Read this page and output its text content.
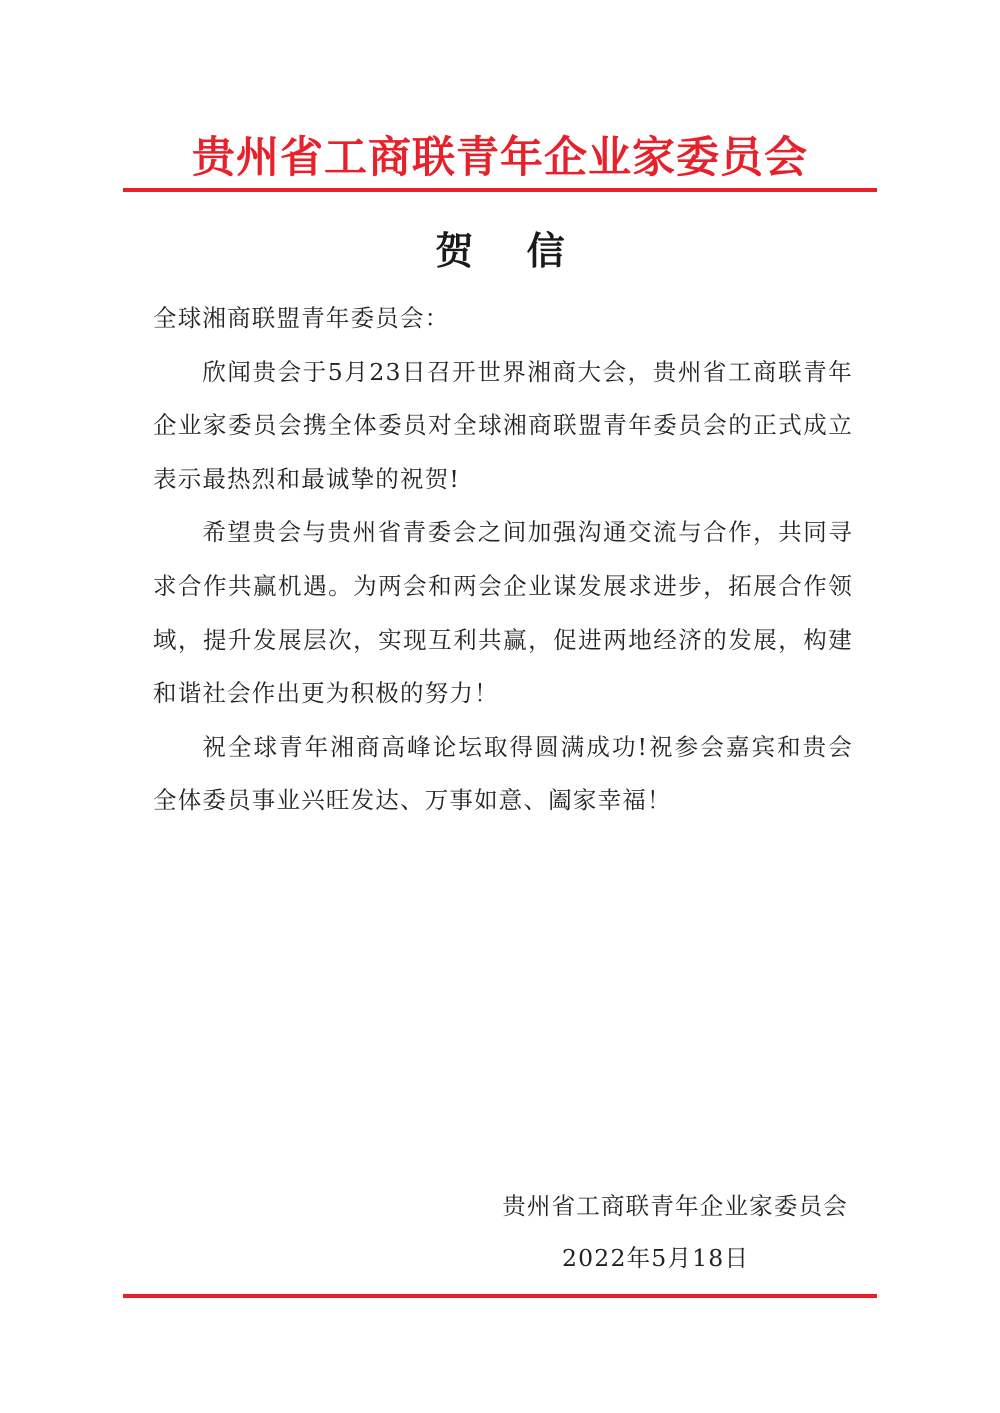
贵州省工商联青年企业家委员会
贺 信

全球湘商联盟青年委员会：

欣闻贵会于5月23日召开世界湘商大会，贵州省工商联青年企业家委员会携全体委员对全球湘商联盟青年委员会的正式成立表示最热烈和最诚挚的祝贺!

希望贵会与贵州省青委会之间加强沟通交流与合作，共同寻求合作共赢机遇。为两会和两会企业谋发展求进步，拓展合作领域，提升发展层次，实现互利共赢，促进两地经济的发展，构建和谐社会作出更为积极的努力！

祝全球青年湘商高峰论坛取得圆满成功!祝参会嘉宾和贵会全体委员事业兴旺发达、万事如意、阖家幸福！

贵州省工商联青年企业家委员会
2022年5月18日
